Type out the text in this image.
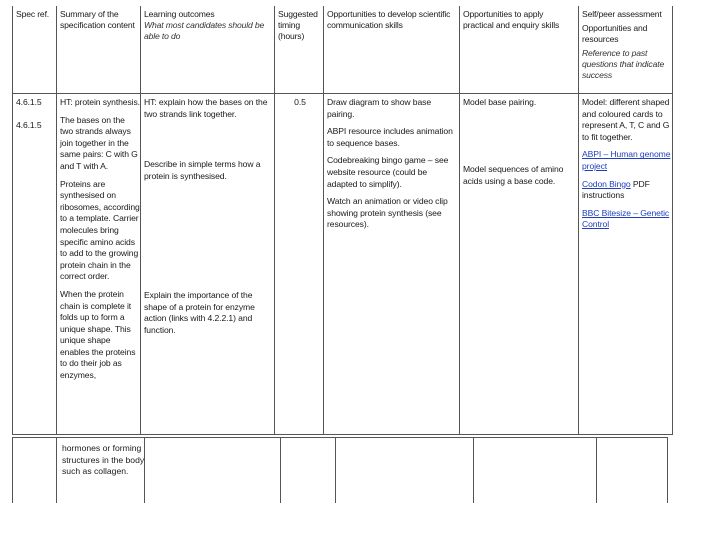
Spec ref.	Summary of the specification content

Learning outcomes

What most candidates should be able to do

Suggested timing (hours)
Opportunities to develop scientific communication skills
Opportunities to apply practical and enquiry skills

Self/peer assessment

Opportunities and resources

Reference to past questions that indicate success

4.6.1.5

4.6.1.5

HT: protein synthesis.

The bases on the two strands always join together in the same pairs: C with G and T with A.

Proteins are synthesised on ribosomes, according to a template. Carrier molecules bring specific amino acids to add to the growing protein chain in the correct order.

When the protein chain is complete it folds up to form a unique shape. This unique shape enables the proteins to do their job as enzymes,

HT: explain how the bases on the two strands link together.

Describe in simple terms how a protein is synthesised.
Explain the importance of the shape of a protein for enzyme action (links with 4.2.2.1) and function.
0.5	Draw diagram to show base pairing.

ABPI resource includes animation to sequence bases.

Codebreaking bingo game – see website resource (could be adapted to simplify).

Watch an animation or video clip showing protein synthesis (see resources).

Model base pairing.
Model sequences of amino acids using a base code.

Model: different shaped and coloured cards to represent A, T, C and G to fit together.

ABPI – Human genome project

Codon Bingo PDF instructions

BBC Bitesize – Genetic Control

hormones or forming structures in the body such as collagen.
